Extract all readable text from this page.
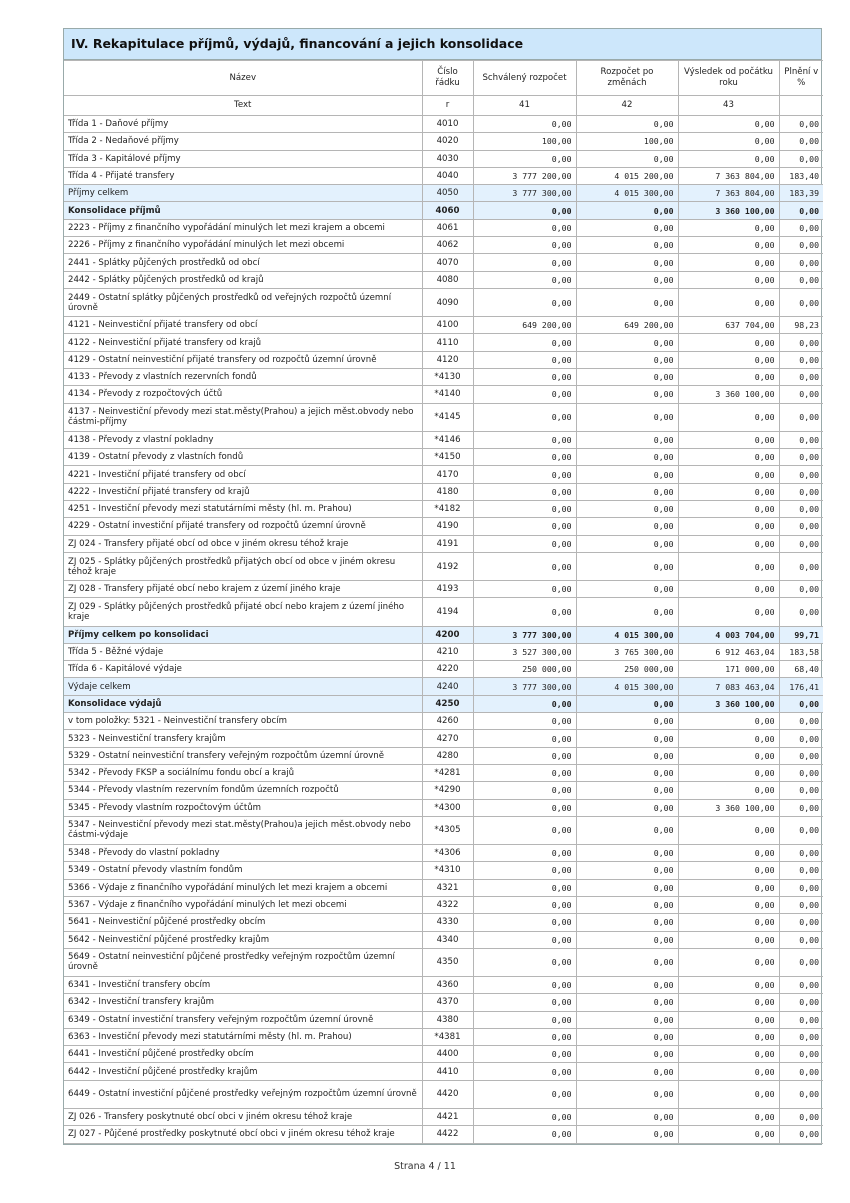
IV. Rekapitulace příjmů, výdajů, financování a jejich konsolidace
Název	Číslo řádku	Schválený rozpočet	Rozpočet po změnách	Výsledek od počátku roku	Plnění v %
Text	r	41	42	43	
Třída 1 - Daňové příjmy	4010	0,00	0,00	0,00	0,00
Třída 2 - Nedaňové příjmy	4020	100,00	100,00	0,00	0,00
Třída 3 - Kapitálové příjmy	4030	0,00	0,00	0,00	0,00
Třída 4 - Přijaté transfery	4040	3 777 200,00	4 015 200,00	7 363 804,00	183,40
Příjmy celkem	4050	3 777 300,00	4 015 300,00	7 363 804,00	183,39
Konsolidace příjmů	4060	0,00	0,00	3 360 100,00	0,00
2223 - Příjmy z finančního vypořádání minulých let mezi krajem a obcemi	4061	0,00	0,00	0,00	0,00
2226 - Příjmy z finančního vypořádání minulých let mezi obcemi	4062	0,00	0,00	0,00	0,00
2441 - Splátky půjčených prostředků od obcí	4070	0,00	0,00	0,00	0,00
2442 - Splátky půjčených prostředků od krajů	4080	0,00	0,00	0,00	0,00
2449 - Ostatní splátky půjčených prostředků od veřejných rozpočtů územní úrovně	4090	0,00	0,00	0,00	0,00
4121 - Neinvestiční přijaté transfery od obcí	4100	649 200,00	649 200,00	637 704,00	98,23
4122 - Neinvestiční přijaté transfery od krajů	4110	0,00	0,00	0,00	0,00
4129 - Ostatní neinvestiční přijaté transfery od rozpočtů územní úrovně	4120	0,00	0,00	0,00	0,00
4133 - Převody z vlastních rezervních fondů	*4130	0,00	0,00	0,00	0,00
4134 - Převody z rozpočtových účtů	*4140	0,00	0,00	3 360 100,00	0,00
4137 - Neinvestiční převody mezi stat.městy(Prahou) a jejich měst.obvody nebo částmi-příjmy	*4145	0,00	0,00	0,00	0,00
4138 - Převody z vlastní pokladny	*4146	0,00	0,00	0,00	0,00
4139 - Ostatní převody z vlastních fondů	*4150	0,00	0,00	0,00	0,00
4221 - Investiční přijaté transfery od obcí	4170	0,00	0,00	0,00	0,00
4222 - Investiční přijaté transfery od krajů	4180	0,00	0,00	0,00	0,00
4251 - Investiční převody mezi statutárními městy (hl. m. Prahou)	*4182	0,00	0,00	0,00	0,00
4229 - Ostatní investiční přijaté transfery od rozpočtů územní úrovně	4190	0,00	0,00	0,00	0,00
ZJ 024 - Transfery přijaté obcí od obce v jiném okresu téhož kraje	4191	0,00	0,00	0,00	0,00
ZJ 025 - Splátky půjčených prostředků přijatých obcí od obce v jiném okresu téhož kraje	4192	0,00	0,00	0,00	0,00
ZJ 028 - Transfery přijaté obcí nebo krajem z území jiného kraje	4193	0,00	0,00	0,00	0,00
ZJ 029 - Splátky půjčených prostředků přijaté obcí nebo krajem z území jiného kraje	4194	0,00	0,00	0,00	0,00
Příjmy celkem po konsolidaci	4200	3 777 300,00	4 015 300,00	4 003 704,00	99,71
Třída 5 - Běžné výdaje	4210	3 527 300,00	3 765 300,00	6 912 463,04	183,58
Třída 6 - Kapitálové výdaje	4220	250 000,00	250 000,00	171 000,00	68,40
Výdaje celkem	4240	3 777 300,00	4 015 300,00	7 083 463,04	176,41
Konsolidace výdajů	4250	0,00	0,00	3 360 100,00	0,00
v tom položky: 5321 - Neinvestiční transfery obcím	4260	0,00	0,00	0,00	0,00
5323 - Neinvestiční transfery krajům	4270	0,00	0,00	0,00	0,00
5329 - Ostatní neinvestiční transfery veřejným rozpočtům územní úrovně	4280	0,00	0,00	0,00	0,00
5342 - Převody FKSP a sociálnímu fondu obcí a krajů	*4281	0,00	0,00	0,00	0,00
5344 - Převody vlastním rezervním fondům územních rozpočtů	*4290	0,00	0,00	0,00	0,00
5345 - Převody vlastním rozpočtovým účtům	*4300	0,00	0,00	3 360 100,00	0,00
5347 - Neinvestiční převody mezi stat.městy(Prahou)a jejich měst.obvody nebo částmi-výdaje	*4305	0,00	0,00	0,00	0,00
5348 - Převody do vlastní pokladny	*4306	0,00	0,00	0,00	0,00
5349 - Ostatní převody vlastním fondům	*4310	0,00	0,00	0,00	0,00
5366 - Výdaje z finančního vypořádání minulých let mezi krajem a obcemi	4321	0,00	0,00	0,00	0,00
5367 - Výdaje z finančního vypořádání minulých let mezi obcemi	4322	0,00	0,00	0,00	0,00
5641 - Neinvestiční půjčené prostředky obcím	4330	0,00	0,00	0,00	0,00
5642 - Neinvestiční půjčené prostředky krajům	4340	0,00	0,00	0,00	0,00
5649 - Ostatní neinvestiční půjčené prostředky veřejným rozpočtům územní úrovně	4350	0,00	0,00	0,00	0,00
6341 - Investiční transfery obcím	4360	0,00	0,00	0,00	0,00
6342 - Investiční transfery krajům	4370	0,00	0,00	0,00	0,00
6349 - Ostatní investiční transfery veřejným rozpočtům územní úrovně	4380	0,00	0,00	0,00	0,00
6363 - Investiční převody mezi statutárními městy (hl. m. Prahou)	*4381	0,00	0,00	0,00	0,00
6441 - Investiční půjčené prostředky obcím	4400	0,00	0,00	0,00	0,00
6442 - Investiční půjčené prostředky krajům	4410	0,00	0,00	0,00	0,00
6449 - Ostatní investiční půjčené prostředky veřejným rozpočtům územní úrovně	4420	0,00	0,00	0,00	0,00
ZJ 026 - Transfery poskytnuté obcí obci v jiném okresu téhož kraje	4421	0,00	0,00	0,00	0,00
ZJ 027 - Půjčené prostředky poskytnuté obcí obci v jiném okresu téhož kraje	4422	0,00	0,00	0,00	0,00
Strana 4 / 11
